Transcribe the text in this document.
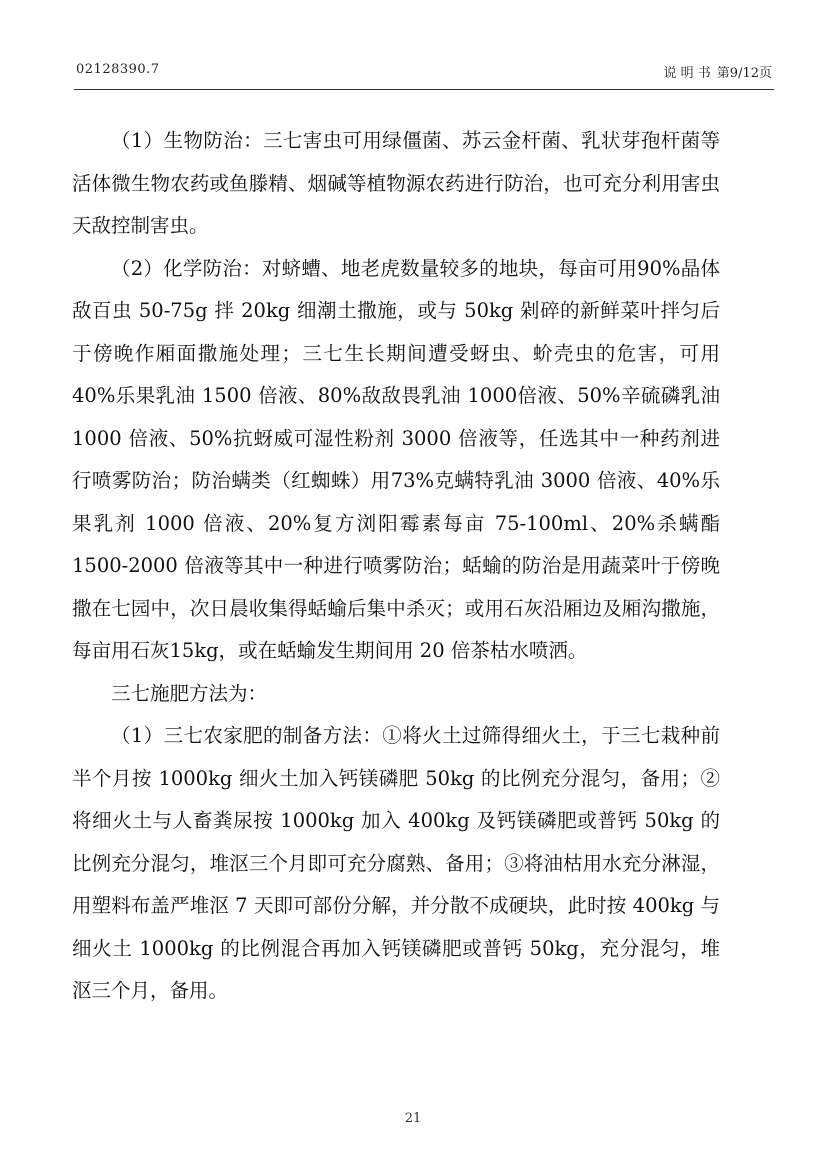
02128390.7	说 明 书 第9/12页

（1）生物防治：三七害虫可用绿僵菌、苏云金杆菌、乳状芽孢杆菌等活体微生物农药或鱼滕精、烟碱等植物源农药进行防治，也可充分利用害虫天敌控制害虫。

（2）化学防治：对蛴螬、地老虎数量较多的地块，每亩可用90%晶体敌百虫 50-75g 拌 20kg 细潮土撒施，或与 50kg 剁碎的新鲜菜叶拌匀后于傍晚作厢面撒施处理；三七生长期间遭受蚜虫、蚧壳虫的危害，可用 40%乐果乳油 1500 倍液、80%敌敌畏乳油 1000倍液、50%辛硫磷乳油 1000 倍液、50%抗蚜威可湿性粉剂 3000 倍液等，任选其中一种药剂进行喷雾防治；防治螨类（红蜘蛛）用73%克螨特乳油 3000 倍液、40%乐果乳剂 1000 倍液、20%复方浏阳霉素每亩 75-100ml、20%杀螨酯 1500-2000 倍液等其中一种进行喷雾防治；蛞蝓的防治是用蔬菜叶于傍晚撒在七园中，次日晨收集得蛞蝓后集中杀灭；或用石灰沿厢边及厢沟撒施，每亩用石灰15kg，或在蛞蝓发生期间用 20 倍茶枯水喷洒。

三七施肥方法为：

（1）三七农家肥的制备方法：①将火土过筛得细火土，于三七栽种前半个月按 1000kg 细火土加入钙镁磷肥 50kg 的比例充分混匀，备用；②将细火土与人畜粪尿按 1000kg 加入 400kg 及钙镁磷肥或普钙 50kg 的比例充分混匀，堆沤三个月即可充分腐熟、备用；③将油枯用水充分淋湿，用塑料布盖严堆沤 7 天即可部份分解，并分散不成硬块，此时按 400kg 与细火土 1000kg 的比例混合再加入钙镁磷肥或普钙 50kg，充分混匀，堆沤三个月，备用。

21
